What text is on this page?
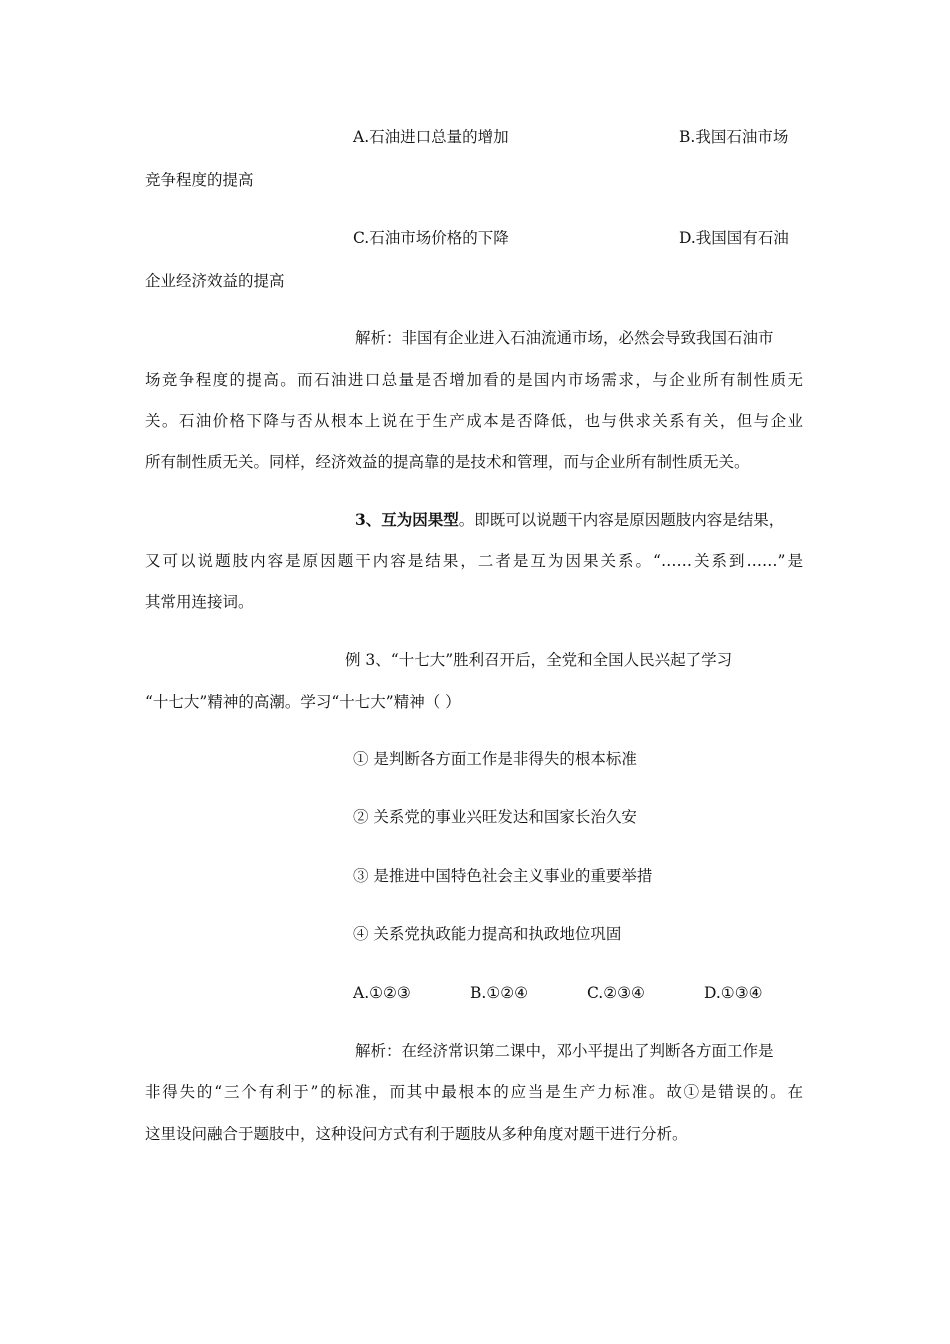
A.石油进口总量的增加	B.我国石油市场
竞争程度的提高
C.石油市场价格的下降	D.我国国有石油
企业经济效益的提高
解析：非国有企业进入石油流通市场，必然会导致我国石油市
场竞争程度的提高。而石油进口总量是否增加看的是国内市场需求，与企业所有制性质无
关。石油价格下降与否从根本上说在于生产成本是否降低，也与供求关系有关，但与企业
所有制性质无关。同样，经济效益的提高靠的是技术和管理，而与企业所有制性质无关。
3、互为因果型。即既可以说题干内容是原因题肢内容是结果，
又可以说题肢内容是原因题干内容是结果，二者是互为因果关系。“……关系到……”是
其常用连接词。
例 3、“十七大”胜利召开后，全党和全国人民兴起了学习
“十七大”精神的高潮。学习“十七大”精神（ ）
① 是判断各方面工作是非得失的根本标准
② 关系党的事业兴旺发达和国家长治久安
③ 是推进中国特色社会主义事业的重要举措
④ 关系党执政能力提高和执政地位巩固
A.①②③	B.①②④	C.②③④	D.①③④
解析：在经济常识第二课中，邓小平提出了判断各方面工作是
非得失的“三个有利于”的标准，而其中最根本的应当是生产力标准。故①是错误的。在
这里设问融合于题肢中，这种设问方式有利于题肢从多种角度对题干进行分析。
